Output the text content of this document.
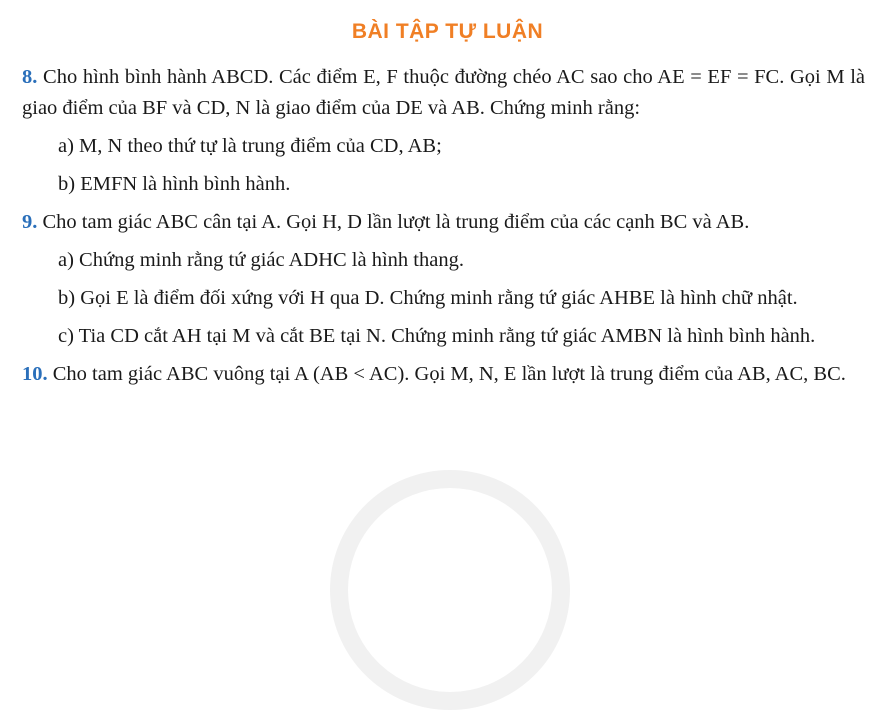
BÀI TẬP TỰ LUẬN
8. Cho hình bình hành ABCD. Các điểm E, F thuộc đường chéo AC sao cho AE = EF = FC. Gọi M là giao điểm của BF và CD, N là giao điểm của DE và AB. Chứng minh rằng:
a) M, N theo thứ tự là trung điểm của CD, AB;
b) EMFN là hình bình hành.
9. Cho tam giác ABC cân tại A. Gọi H, D lần lượt là trung điểm của các cạnh BC và AB.
a) Chứng minh rằng tứ giác ADHC là hình thang.
b) Gọi E là điểm đối xứng với H qua D. Chứng minh rằng tứ giác AHBE là hình chữ nhật.
c) Tia CD cắt AH tại M và cắt BE tại N. Chứng minh rằng tứ giác AMBN là hình bình hành.
10. Cho tam giác ABC vuông tại A (AB < AC). Gọi M, N, E lần lượt là trung điểm của AB, AC, BC.
